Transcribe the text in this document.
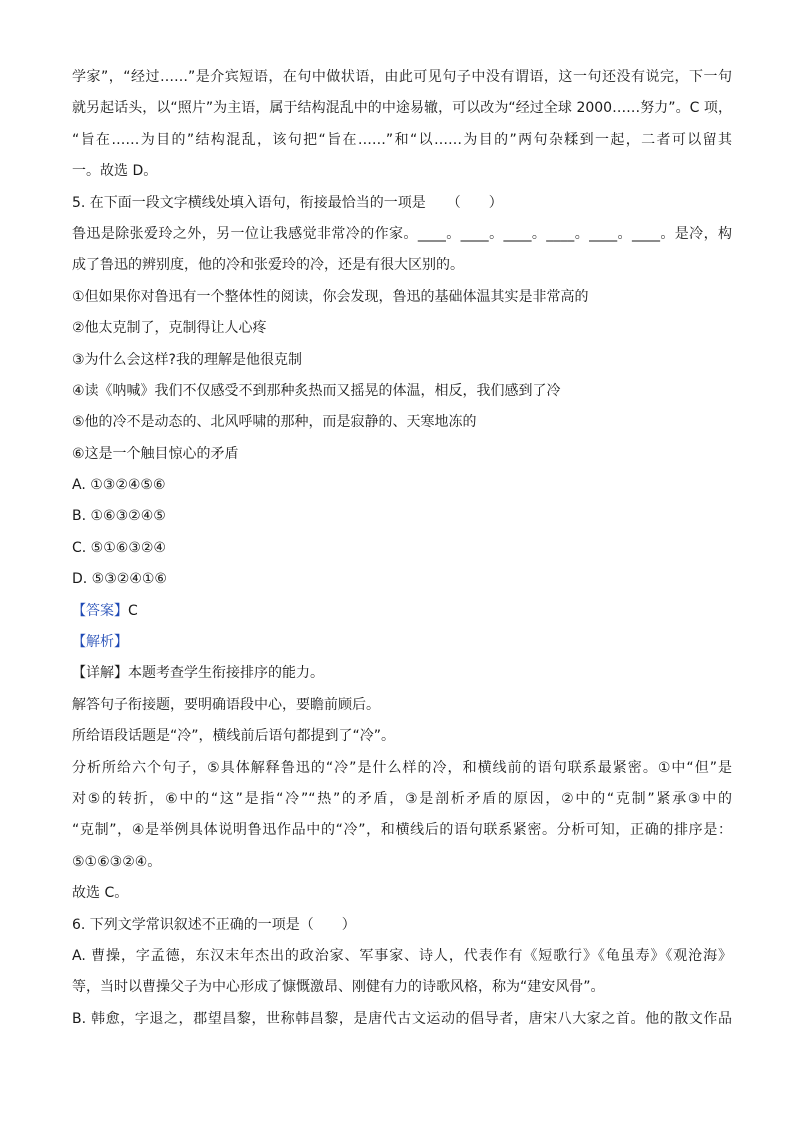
学家”，“经过……”是介宾短语，在句中做状语，由此可见句子中没有谓语，这一句还没有说完，下一句
就另起话头，以“照片”为主语，属于结构混乱中的中途易辙，可以改为“经过全球 2000……努力”。C 项，
“旨在……为目的”结构混乱，该句把“旨在……”和“以……为目的”两句杂糅到一起，二者可以留其
一。故选 D。
5. 在下面一段文字横线处填入语句，衔接最恰当的一项是　　（　　）
鲁迅是除张爱玲之外，另一位让我感觉非常冷的作家。____。____。____。____。____。____。是冷，构
成了鲁迅的辨别度，他的冷和张爱玲的冷，还是有很大区别的。
①但如果你对鲁迅有一个整体性的阅读，你会发现，鲁迅的基础体温其实是非常高的
②他太克制了，克制得让人心疼
③为什么会这样?我的理解是他很克制
④读《呐喊》我们不仅感受不到那种炙热而又摇晃的体温，相反，我们感到了冷
⑤他的冷不是动态的、北风呼啸的那种，而是寂静的、天寒地冻的
⑥这是一个触目惊心的矛盾
A. ①③②④⑤⑥
B. ①⑥③②④⑤
C. ⑤①⑥③②④
D. ⑤③②④①⑥
【答案】C
【解析】
【详解】本题考查学生衔接排序的能力。
解答句子衔接题，要明确语段中心，要瞻前顾后。
所给语段话题是“冷”，横线前后语句都提到了“冷”。
分析所给六个句子，⑤具体解释鲁迅的“冷”是什么样的冷，和横线前的语句联系最紧密。①中“但”是
对⑤的转折，⑥中的“这”是指“冷”“热”的矛盾，③是剖析矛盾的原因，②中的“克制”紧承③中的
“克制”，④是举例具体说明鲁迅作品中的“冷”，和横线后的语句联系紧密。分析可知，正确的排序是：
⑤①⑥③②④。
故选 C。
6. 下列文学常识叙述不正确的一项是（　　）
A. 曹操，字孟德，东汉末年杰出的政治家、军事家、诗人，代表作有《短歌行》《龟虽寿》《观沧海》
等，当时以曹操父子为中心形成了慷慨激昂、刚健有力的诗歌风格，称为“建安风骨”。
B. 韩愈，字退之，郡望昌黎，世称韩昌黎，是唐代古文运动的倡导者，唐宋八大家之首。他的散文作品
